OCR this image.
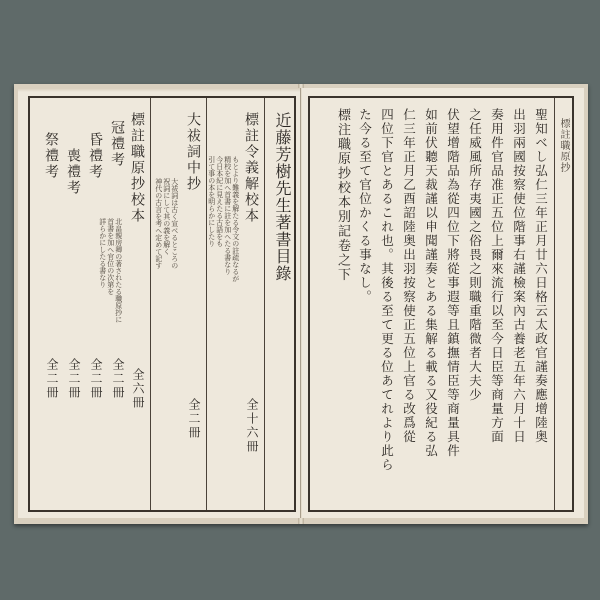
近藤芳樹先生著書目錄
標註令義解校本
全十六冊
もとより難義を解たる令文の註疏なるが
精校を加へ首書に註を加へたる書なり
今日本紀に見えたる古語をも
引て事の本を明らかにしたり
大祓詞中抄
全二冊
大祓詞は古く宣べるところの
祝詞にして其の義を解く
神代の古言を考へ定めて記す
標註職原抄校本
全六冊
北畠親房卿の著されたる職原抄に
首書を加へ官位の次第を
詳らかにしたる書なり
冠禮考
全二冊
昏禮考
全二冊
喪禮考
全二冊
祭禮考
全二冊
標註職原抄
聖知ベし弘仁三年正月廿六日格云太政官謹奏應增陸奥
出羽兩國按察使位階事右謹檢案內古養老五年六月十日
奏用件官品准正五位上爾來流行以至今日臣等商量方面
之任威風所存夷國之俗畏之則職重階微者大夫少
伏望增階品為從四位下將從事遐等且鎮撫情臣等商量具件
如前伏聽天裁謹以申聞謹奏とある集解る載る又役紀る弘
仁三年正月乙酉詔陸奥出羽按察使正五位上官る改爲從
四位下官とあるこれ也。其後る至て更る位あてれより此ら
た今る至て官位かくる事なし。
標注職原抄校本別記卷之下
